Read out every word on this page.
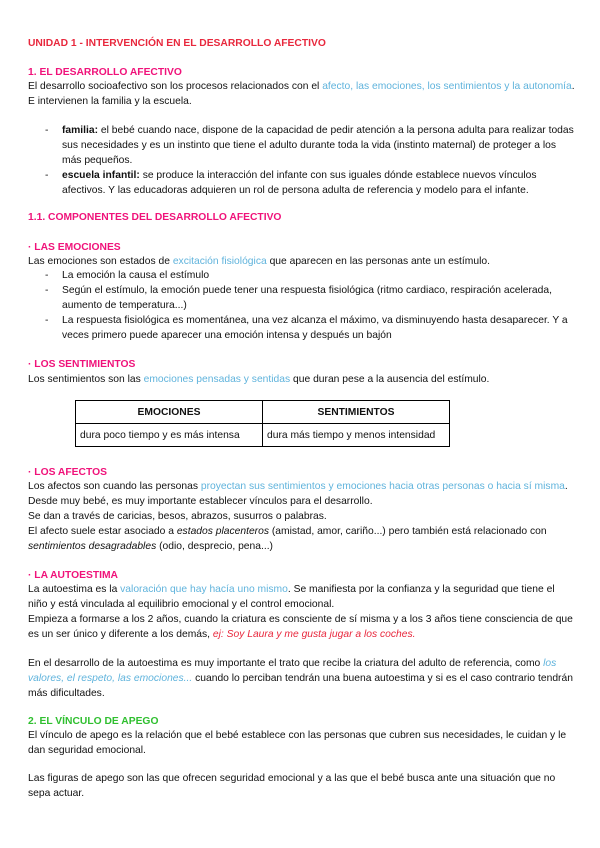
UNIDAD 1 - INTERVENCIÓN EN EL DESARROLLO AFECTIVO
1. EL DESARROLLO AFECTIVO

El desarrollo socioafectivo son los procesos relacionados con el afecto, las emociones, los sentimientos y la autonomía. E intervienen la familia y la escuela.

- familia: el bebé cuando nace, dispone de la capacidad de pedir atención a la persona adulta para realizar todas sus necesidades y es un instinto que tiene el adulto durante toda la vida (instinto maternal) de proteger a los más pequeños.
- escuela infantil: se produce la interacción del infante con sus iguales dónde establece nuevos vínculos afectivos. Y las educadoras adquieren un rol de persona adulta de referencia y modelo para el infante.
1.1. COMPONENTES DEL DESARROLLO AFECTIVO
· LAS EMOCIONES

Las emociones son estados de excitación fisiológica que aparecen en las personas ante un estímulo.

- La emoción la causa el estímulo
- Según el estímulo, la emoción puede tener una respuesta fisiológica (ritmo cardiaco, respiración acelerada, aumento de temperatura...)
- La respuesta fisiológica es momentánea, una vez alcanza el máximo, va disminuyendo hasta desaparecer. Y a veces primero puede aparecer una emoción intensa y después un bajón
· LOS SENTIMIENTOS

Los sentimientos son las emociones pensadas y sentidas que duran pese a la ausencia del estímulo.

EMOCIONES	SENTIMIENTOS
dura poco tiempo y es más intensa	dura más tiempo y menos intensidad
· LOS AFECTOS

Los afectos son cuando las personas proyectan sus sentimientos y emociones hacia otras personas o hacia sí misma. Desde muy bebé, es muy importante establecer vínculos para el desarrollo.

Se dan a través de caricias, besos, abrazos, susurros o palabras.

El afecto suele estar asociado a estados placenteros (amistad, amor, cariño...) pero también está relacionado con sentimientos desagradables (odio, desprecio, pena...)

· LA AUTOESTIMA

La autoestima es la valoración que hay hacía uno mismo. Se manifiesta por la confianza y la seguridad que tiene el niño y está vinculada al equilibrio emocional y el control emocional.

Empieza a formarse a los 2 años, cuando la criatura es consciente de sí misma y a los 3 años tiene consciencia de que es un ser único y diferente a los demás, ej: Soy Laura y me gusta jugar a los coches.

En el desarrollo de la autoestima es muy importante el trato que recibe la criatura del adulto de referencia, como los valores, el respeto, las emociones... cuando lo perciban tendrán una buena autoestima y si es el caso contrario tendrán más dificultades.

2. EL VÍNCULO DE APEGO

El vínculo de apego es la relación que el bebé establece con las personas que cubren sus necesidades, le cuidan y le dan seguridad emocional.

Las figuras de apego son las que ofrecen seguridad emocional y a las que el bebé busca ante una situación que no sepa actuar.
